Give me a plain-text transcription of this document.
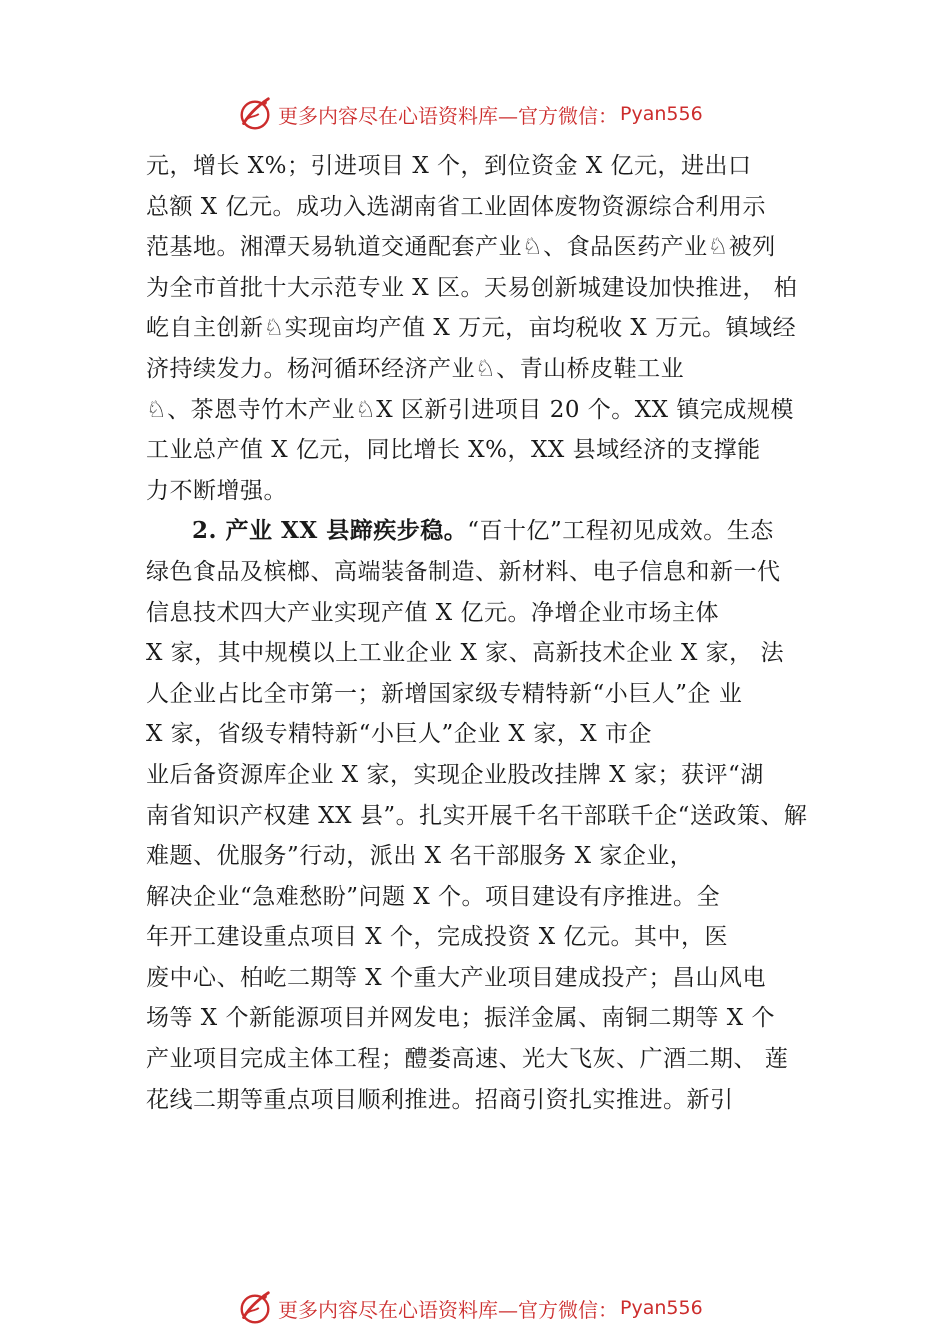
更多内容尽在心语资料库—官方微信： Pyan556
元，增长 X%；引进项目 X 个，到位资金 X 亿元，进出口
总额 X 亿元。成功入选湖南省工业固体废物资源综合利用示
范基地。湘潭天易轨道交通配套产业♘、食品医药产业♘被列
为全市首批十大示范专业 X 区。天易创新城建设加快推进， 柏
屹自主创新♘实现亩均产值 X 万元，亩均税收 X 万元。镇域经
济持续发力。杨河循环经济产业♘、青山桥皮鞋工业
♘、茶恩寺竹木产业♘X 区新引进项目 20 个。XX 镇完成规模
工业总产值 X 亿元，同比增长 X%，XX 县域经济的支撑能
力不断增强。
2. 产业 XX 县蹄疾步稳。“百十亿”工程初见成效。生态
绿色食品及槟榔、高端装备制造、新材料、电子信息和新一代
信息技术四大产业实现产值 X 亿元。净增企业市场主体
X 家，其中规模以上工业企业 X 家、高新技术企业 X 家， 法
人企业占比全市第一；新增国家级专精特新“小巨人”企 业
X 家，省级专精特新“小巨人”企业 X 家，X 市企
业后备资源库企业 X 家，实现企业股改挂牌 X 家；获评“湖
南省知识产权建 XX 县”。扎实开展千名干部联千企“送政策、解
难题、优服务”行动，派出 X 名干部服务 X 家企业，
解决企业“急难愁盼”问题 X 个。项目建设有序推进。全
年开工建设重点项目 X 个，完成投资 X 亿元。其中，医
废中心、柏屹二期等 X 个重大产业项目建成投产；昌山风电
场等 X 个新能源项目并网发电；振洋金属、南铜二期等 X 个
产业项目完成主体工程；醴娄高速、光大飞灰、广酒二期、 莲
花线二期等重点项目顺利推进。招商引资扎实推进。新引
更多内容尽在心语资料库—官方微信： Pyan556
